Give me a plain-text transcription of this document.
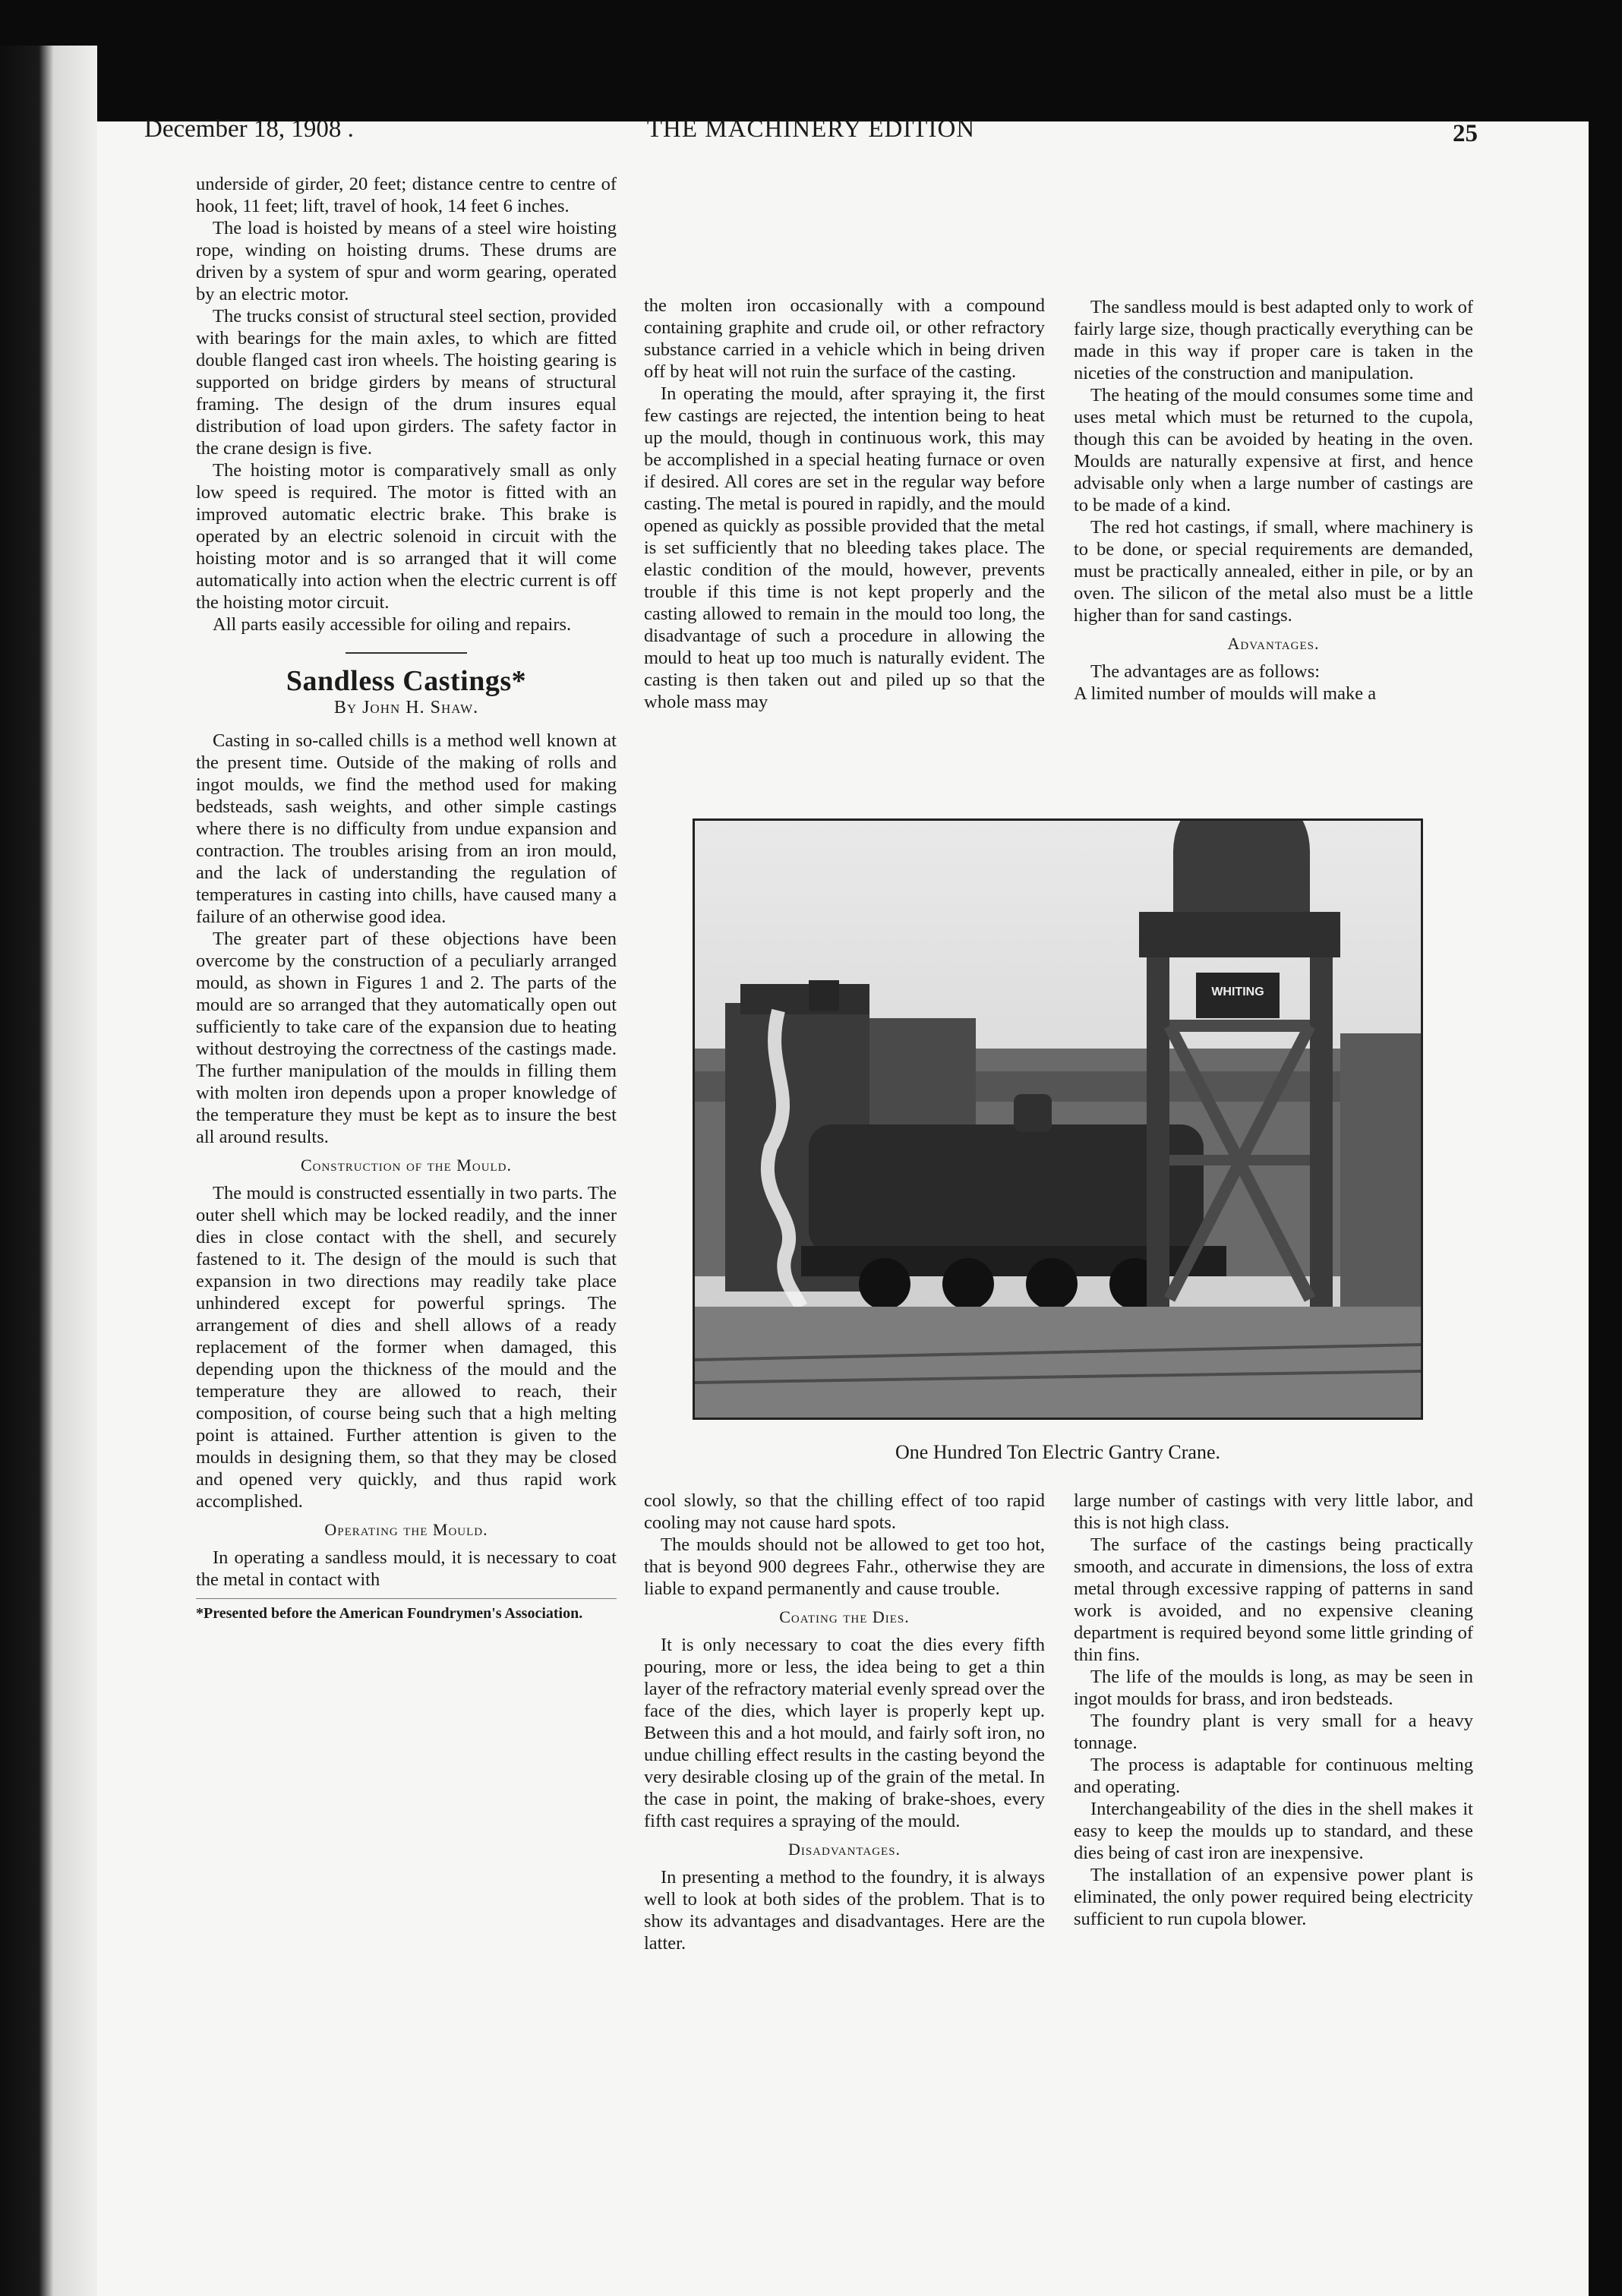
December 18, 1908 .	THE MACHINERY EDITION	25

underside of girder, 20 feet; distance centre to centre of hook, 11 feet; lift, travel of hook, 14 feet 6 inches.

The load is hoisted by means of a steel wire hoisting rope, winding on hoisting drums. These drums are driven by a system of spur and worm gearing, operated by an electric motor.

The trucks consist of structural steel section, provided with bearings for the main axles, to which are fitted double flanged cast iron wheels. The hoisting gearing is supported on bridge girders by means of structural framing. The design of the drum insures equal distribution of load upon girders. The safety factor in the crane design is five.

The hoisting motor is comparatively small as only low speed is required. The motor is fitted with an improved automatic electric brake. This brake is operated by an electric solenoid in circuit with the hoisting motor and is so arranged that it will come automatically into action when the electric current is off the hoisting motor circuit.

All parts easily accessible for oiling and repairs.

Sandless Castings*
By John H. Shaw.

Casting in so-called chills is a method well known at the present time. Outside of the making of rolls and ingot moulds, we find the method used for making bedsteads, sash weights, and other simple castings where there is no difficulty from undue expansion and contraction. The troubles arising from an iron mould, and the lack of understanding the regulation of temperatures in casting into chills, have caused many a failure of an otherwise good idea.

The greater part of these objections have been overcome by the construction of a peculiarly arranged mould, as shown in Figures 1 and 2. The parts of the mould are so arranged that they automatically open out sufficiently to take care of the expansion due to heating without destroying the correctness of the castings made. The further manipulation of the moulds in filling them with molten iron depends upon a proper knowledge of the temperature they must be kept as to insure the best all around results.

Construction of the Mould.

The mould is constructed essentially in two parts. The outer shell which may be locked readily, and the inner dies in close contact with the shell, and securely fastened to it. The design of the mould is such that expansion in two directions may readily take place unhindered except for powerful springs. The arrangement of dies and shell allows of a ready replacement of the former when damaged, this depending upon the thickness of the mould and the temperature they are allowed to reach, their composition, of course being such that a high melting point is attained. Further attention is given to the moulds in designing them, so that they may be closed and opened very quickly, and thus rapid work accomplished.

Operating the Mould.

In operating a sandless mould, it is necessary to coat the metal in contact with

*Presented before the American Foundrymen's Association.

the molten iron occasionally with a compound containing graphite and crude oil, or other refractory substance carried in a vehicle which in being driven off by heat will not ruin the surface of the casting.

In operating the mould, after spraying it, the first few castings are rejected, the intention being to heat up the mould, though in continuous work, this may be accomplished in a special heating furnace or oven if desired. All cores are set in the regular way before casting. The metal is poured in rapidly, and the mould opened as quickly as possible provided that the metal is set sufficiently that no bleeding takes place. The elastic condition of the mould, however, prevents trouble if this time is not kept properly and the casting allowed to remain in the mould too long, the disadvantage of such a procedure in allowing the mould to heat up too much is naturally evident. The casting is then taken out and piled up so that the whole mass may

cool slowly, so that the chilling effect of too rapid cooling may not cause hard spots.

The moulds should not be allowed to get too hot, that is beyond 900 degrees Fahr., otherwise they are liable to expand permanently and cause trouble.

Coating the Dies.

It is only necessary to coat the dies every fifth pouring, more or less, the idea being to get a thin layer of the refractory material evenly spread over the face of the dies, which layer is properly kept up. Between this and a hot mould, and fairly soft iron, no undue chilling effect results in the casting beyond the very desirable closing up of the grain of the metal. In the case in point, the making of brake-shoes, every fifth cast requires a spraying of the mould.

Disadvantages.

In presenting a method to the foundry, it is always well to look at both sides of the problem. That is to show its advantages and disadvantages. Here are the latter.

The sandless mould is best adapted only to work of fairly large size, though practically everything can be made in this way if proper care is taken in the niceties of the construction and manipulation.

The heating of the mould consumes some time and uses metal which must be returned to the cupola, though this can be avoided by heating in the oven. Moulds are naturally expensive at first, and hence advisable only when a large number of castings are to be made of a kind.

The red hot castings, if small, where machinery is to be done, or special requirements are demanded, must be practically annealed, either in pile, or by an oven. The silicon of the metal also must be a little higher than for sand castings.

Advantages.

The advantages are as follows:

A limited number of moulds will make a

large number of castings with very little labor, and this is not high class.

The surface of the castings being practically smooth, and accurate in dimensions, the loss of extra metal through excessive rapping of patterns in sand work is avoided, and no expensive cleaning department is required beyond some little grinding of thin fins.

The life of the moulds is long, as may be seen in ingot moulds for brass, and iron bedsteads.

The foundry plant is very small for a heavy tonnage.

The process is adaptable for continuous melting and operating.

Interchangeability of the dies in the shell makes it easy to keep the moulds up to standard, and these dies being of cast iron are inexpensive.

The installation of an expensive power plant is eliminated, the only power required being electricity sufficient to run cupola blower.

WHITING
One Hundred Ton Electric Gantry Crane.
